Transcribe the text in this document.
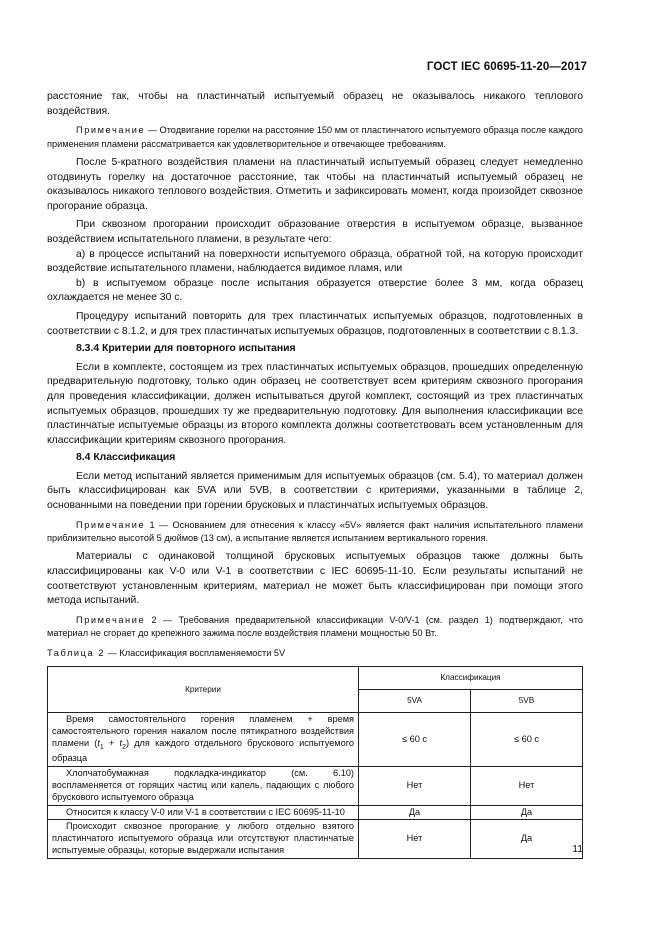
ГОСТ IEC 60695-11-20—2017

расстояние так, чтобы на пластинчатый испытуемый образец не оказывалось никакого теплового воздействия.

Примечание — Отодвигание горелки на расстояние 150 мм от пластинчатого испытуемого образца после каждого применения пламени рассматривается как удовлетворительное и отвечающее требованиям.

После 5-кратного воздействия пламени на пластинчатый испытуемый образец следует немедленно отодвинуть горелку на достаточное расстояние, так чтобы на пластинчатый испытуемый образец не оказывалось никакого теплового воздействия. Отметить и зафиксировать момент, когда произойдет сквозное прогорание образца.

При сквозном прогорании происходит образование отверстия в испытуемом образце, вызванное воздействием испытательного пламени, в результате чего:

а) в процессе испытаний на поверхности испытуемого образца, обратной той, на которую происходит воздействие испытательного пламени, наблюдается видимое пламя, или

b) в испытуемом образце после испытания образуется отверстие более 3 мм, когда образец охлаждается не менее 30 с.

Процедуру испытаний повторить для трех пластинчатых испытуемых образцов, подготовленных в соответствии с 8.1.2, и для трех пластинчатых испытуемых образцов, подготовленных в соответствии с 8.1.3.

8.3.4 Критерии для повторного испытания

Если в комплекте, состоящем из трех пластинчатых испытуемых образцов, прошедших определенную предварительную подготовку, только один образец не соответствует всем критериям сквозного прогорания для проведения классификации, должен испытываться другой комплект, состоящий из трех пластинчатых испытуемых образцов, прошедших ту же предварительную подготовку. Для выполнения классификации все пластинчатые испытуемые образцы из второго комплекта должны соответствовать всем установленным для классификации критериям сквозного прогорания.

8.4 Классификация

Если метод испытаний является применимым для испытуемых образцов (см. 5.4), то материал должен быть классифицирован как 5VA или 5VB, в соответствии с критериями, указанными в таблице 2, основанными на поведении при горении брусковых и пластинчатых испытуемых образцов.

Примечание 1 — Основанием для отнесения к классу «5V» является факт наличия испытательного пламени приблизительно высотой 5 дюймов (13 см), а испытание является испытанием вертикального горения.

Материалы с одинаковой толщиной брусковых испытуемых образцов также должны быть классифицированы как V-0 или V-1 в соответствии с IEC 60695-11-10. Если результаты испытаний не соответствуют установленным критериям, материал не может быть классифицирован при помощи этого метода испытаний.

Примечание 2 — Требования предварительной классификации V-0/V-1 (см. раздел 1) подтверждают, что материал не сгорает до крепежного зажима после воздействия пламени мощностью 50 Вт.

Таблица 2 — Классификация воспламеняемости 5V

Критерии	Классификация	
	5VA	5VB
Время самостоятельного горения пламенем + время самостоятельного горения накалом после пятикратного воздействия пламени $(t_1 + t_2)$ для каждого отдельного брускового испытуемого образца	≤ 60 с	≤ 60 с
Хлопчатобумажная подкладка-индикатор (см. 6.10) воспламеняется от горящих частиц или капель, падающих с любого брускового испытуемого образца	Нет	Нет
Относится к классу V-0 или V-1 в соответствии с IEC 60695-11-10	Да	Да
Происходит сквозное прогорание у любого отдельно взятого пластинчатого испытуемого образца или отсутствуют пластинчатые испытуемые образцы, которые выдержали испытания	Нет	Да
11
